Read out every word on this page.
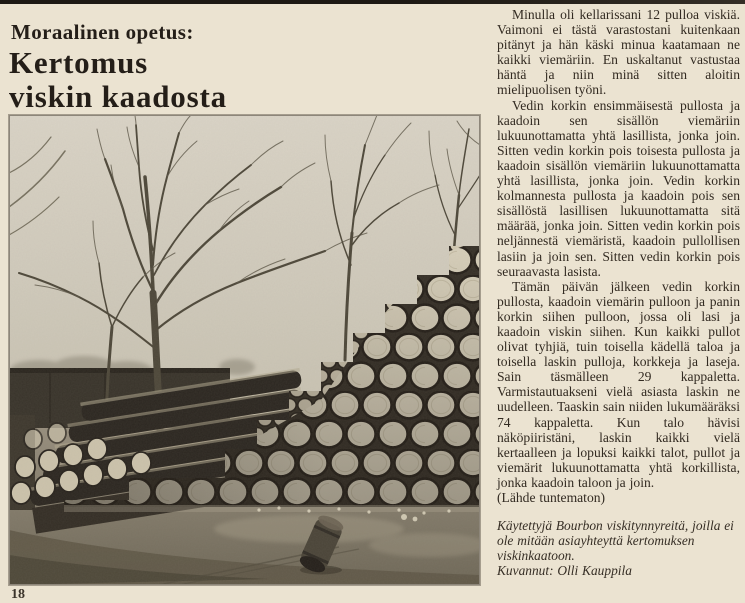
Moraalinen opetus:
Kertomus
viskin kaadosta

Minulla oli kellarissani 12 pulloa viskiä. Vaimoni ei tästä varastostani kuitenkaan pitänyt ja hän käski minua kaatamaan ne kaikki viemäriin. En uskaltanut vastustaa häntä ja niin minä sitten aloitin mielipuolisen työni.

Vedin korkin ensimmäisestä pullosta ja kaadoin sen sisällön viemäriin lukuunottamatta yhtä lasillista, jonka join. Sitten vedin korkin pois toisesta pullosta ja kaadoin sisällön viemäriin lukuunottamatta yhtä lasillista, jonka join. Vedin korkin kolmannesta pullosta ja kaadoin pois sen sisällöstä lasillisen lukuunottamatta sitä määrää, jonka join. Sitten vedin korkin pois neljännestä viemäristä, kaadoin pullollisen lasiin ja join sen. Sitten vedin korkin pois seuraavasta lasista.

Tämän päivän jälkeen vedin korkin pullosta, kaadoin viemärin pulloon ja panin korkin siihen pulloon, jossa oli lasi ja kaadoin viskin siihen. Kun kaikki pullot olivat tyhjiä, tuin toisella kädellä taloa ja toisella laskin pulloja, korkkeja ja laseja. Sain täsmälleen 29 kappaletta. Varmistautuakseni vielä asiasta laskin ne uudelleen. Taaskin sain niiden lukumääräksi 74 kappaletta. Kun talo hävisi näköpiiristäni, laskin kaikki vielä kertaalleen ja lopuksi kaikki talot, pullot ja viemärit lukuunottamatta yhtä korkillista, jonka kaadoin taloon ja join.

(Lähde tuntematon)

Käytettyjä Bourbon viskitynnyreitä, joilla ei ole mitään asiayhteyttä kertomuksen viskinkaatoon.

Kuvannut: Olli Kauppila

18
